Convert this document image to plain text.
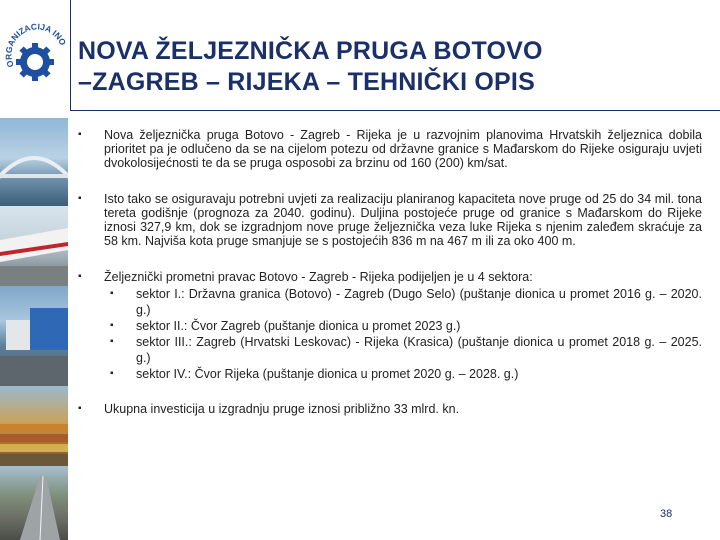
ORGANIZACIJA INO NOVA ŽELJEZNIČKA PRUGA BOTOVO
–ZAGREB – RIJEKA – TEHNIČKI OPIS
▪ Nova željeznička pruga Botovo - Zagreb - Rijeka je u razvojnim planovima Hrvatskih željeznica dobila prioritet pa je odlučeno da se na cijelom potezu od državne granice s Mađarskom do Rijeke osiguraju uvjeti dvokolosijećnosti te da se pruga osposobi za brzinu od 160 (200) km/sat.
▪ Isto tako se osiguravaju potrebni uvjeti za realizaciju planiranog kapaciteta nove pruge od 25 do 34 mil. tona tereta godišnje (prognoza za 2040. godinu). Duljina postojeće pruge od granice s Mađarskom do Rijeke iznosi 327,9 km, dok se izgradnjom nove pruge željeznička veza luke Rijeka s njenim zaleđem skraćuje za 58 km. Najviša kota pruge smanjuje se s postojećih 836 m na 467 m ili za oko 400 m.
▪ Željeznički prometni pravac Botovo - Zagreb - Rijeka podijeljen je u 4 sektora:

▪ sektor I.: Državna granica (Botovo) - Zagreb (Dugo Selo) (puštanje dionica u promet 2016 g. – 2020. g.)

▪ sektor II.: Čvor Zagreb (puštanje dionica u promet 2023 g.)

▪ sektor III.: Zagreb (Hrvatski Leskovac) - Rijeka (Krasica) (puštanje dionica u promet 2018 g. – 2025. g.)

▪ sektor IV.: Čvor Rijeka (puštanje dionica u promet 2020 g. – 2028. g.)

▪ Ukupna investicija u izgradnju pruge iznosi približno 33 mlrd. kn.
38
